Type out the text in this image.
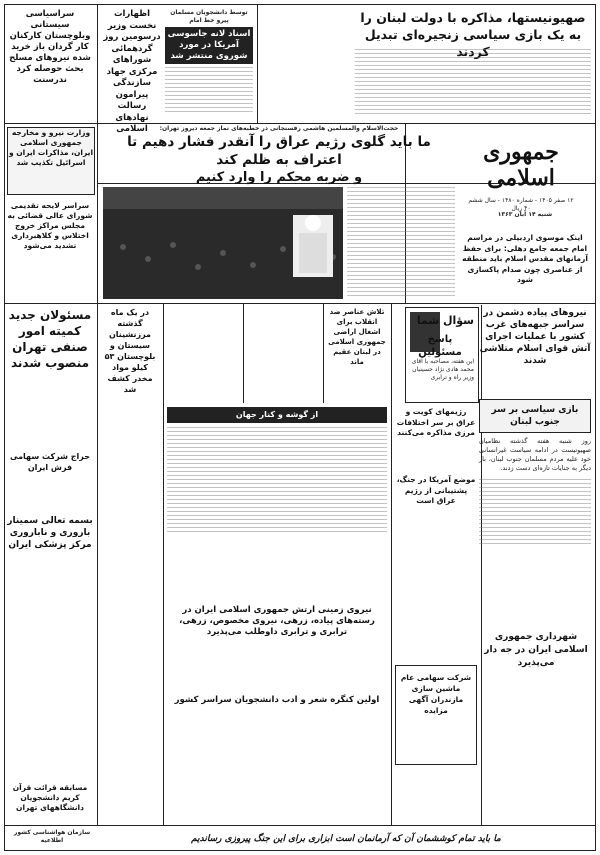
صهیونیستها، مذاکره با دولت لبنان را به یک بازی سیاسی زنجیره‌ای تبدیل کردند
توسط دانشجویان مسلمان پیرو خط امام
اسناد لانه جاسوسی آمریکا در مورد شوروی منتشر شد
اظهارات نخست وزیر درسومین روز گردهمائی شوراهای مرکزی جهاد سازندگی پیرامون رسالت نهادهای اسلامی
سراسیاسی سیستانی وبلوچستان کارکنان کار گردان باز خرید شده نیروهای مسلح بحث حوصله کرد ندرسنت
جمهوری اسلامی
۱۲ صفر ۱۴۰۵ - شماره ۱۴۸۰ - سال ششم
۴۰ ریال
حجت‌الاسلام والمسلمین هاشمی رفسنجانی در خطبه‌های نماز جمعه دیروز تهران:
ما باید گلوی رژیم عراق را آنقدر فشار دهیم تا اعتراف به ظلم کند
و ضربه محکم را وارد کنیم
اینک موسوی اردبیلی در مراسم امام جمعه جامع دهلی: برای حفظ آرمانهای مقدس اسلام باید منطقه از عناصری چون صدام پاکسازی شود
شنبه ۱۴ آبان ۱۳۶۳
وزارت نیرو و مخارجه جمهوری اسلامی ایران، مذاکرات ایران و اسرائیل تکذیب شد
سراسر لایحه تقدیمی شورای عالی قضائی به مجلس مراکز خروج اختلاس و کلاهبرداری تشدید می‌شود
سؤال شما
پاسخ مسئولین
این هفته، مصاحبه با آقای محمد هادی نژاد حسینیان وزیر راه و ترابری
نیروهای پیاده دشمن در سراسر جبهه‌های غرب کشور با عملیات اجرای آتش قوای اسلام متلاشی شدند
بازی سیاسی بر سر جنوب لبنان
روز شنبه هفته گذشته نظامیان صهیونیست در ادامه سیاست غیرانسانی خود علیه مردم مسلمان جنوب لبنان، بار دیگر به جنایات تازه‌ای دست زدند.
تلاش عناصر ضد انقلاب برای اشغال اراضی جمهوری اسلامی در لبنان عقیم ماند
از گوشه و کنار جهان	رژیمهای کویت و عراق بر سر اختلافات مرزی مذاکره می‌کنند
موضع آمریکا در جنگ، پشتیبانی از رژیم عراق است
در یک ماه گذشته مرزنشینان سیستان و بلوچستان ۵۳ کیلو مواد مخدر کشف شد
مسئولان جدید کمیته امور صنفی تهران منصوب شدند
حراج شرکت سهامی فرش ایران
بسمه تعالی سمینار باروری و ناباروری مرکز پزشکی ایران
نیروی زمینی ارتش جمهوری اسلامی ایران در رسته‌های پیاده، زرهی، نیروی مخصوص، زرهی، ترابری و ترابری داوطلب می‌پذیرد
شرکت سهامی عام ماشین سازی مازندران آگهی مزایده
اولین کنگره شعر و ادب دانشجویان سراسر کشور
شهرداری جمهوری اسلامی ایران در جه دار می‌پذیرد
مسابقه قرائت قرآن کریم دانشجویان دانشگاههای تهران
ما باید تمام کوششمان آن که آرمانمان است ابزاری برای این جنگ پیروزی رساندیم
سازمان هواشناسی کشور اطلاعیه
